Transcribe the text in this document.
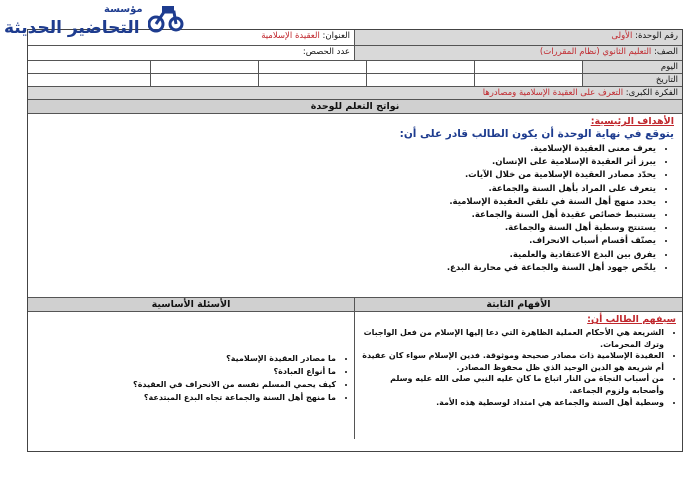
مؤسسة
التحاضير الحديثة	رقم الوحدة: الأولى
العنوان: العقيدة الإسلامية
الصف: التعليم الثانوي (نظام المقررات)
عدد الحصص:
اليوم
التاريخ
الفكرة الكبرى: التعرف على العقيدة الإسلامية ومصادرها
نواتج التعلم للوحدة
الأهداف الرئيسية:
يتوقع في نهاية الوحدة أن يكون الطالب قادر على أن:
• يعرف معنى العقيدة الإسلامية.
• يبرز أثر العقيدة الإسلامية على الإنسان.
• يحدّد مصادر العقيدة الإسلامية من خلال الآيات.
• يتعرف على المراد بأهل السنة والجماعة.
• يحدد منهج أهل السنة في تلقي العقيدة الإسلامية.
• يستنبط خصائص عقيدة أهل السنة والجماعة.
• يستنتج وسطية أهل السنة والجماعة.
• يصنّف أقسام أسباب الانحراف.
• يفرق بين البدع الاعتقادية والعلمية.
• يلخّص جهود أهل السنة والجماعة في محاربة البدع.
الأفهام الثابتة
سيفهم الطالب أن:
• الشريعة هي الأحكام العملية الظاهرة التي دعا إليها الإسلام من فعل الواجبات وترك المحرمات.
• العقيدة الإسلامية ذات مصادر صحيحة وموثوقة. فدين الإسلام سواء كان عقيدة أم شريعة هو الدين الوحيد الذي ظل محفوظ المصادر.
• من أسباب النجاة من النار اتباع ما كان عليه النبي صلى الله عليه وسلم وأصحابه ولزوم الجماعة.
• وسطية أهل السنة والجماعة هي امتداد لوسطية هذه الأمة.
الأسئلة الأساسية
• ما مصادر العقيدة الإسلامية؟
• ما أنواع العبادة؟
• كيف يحمي المسلم نفسه من الانحراف في العقيدة؟
• ما منهج أهل السنة والجماعة تجاه البدع المبتدعة؟
